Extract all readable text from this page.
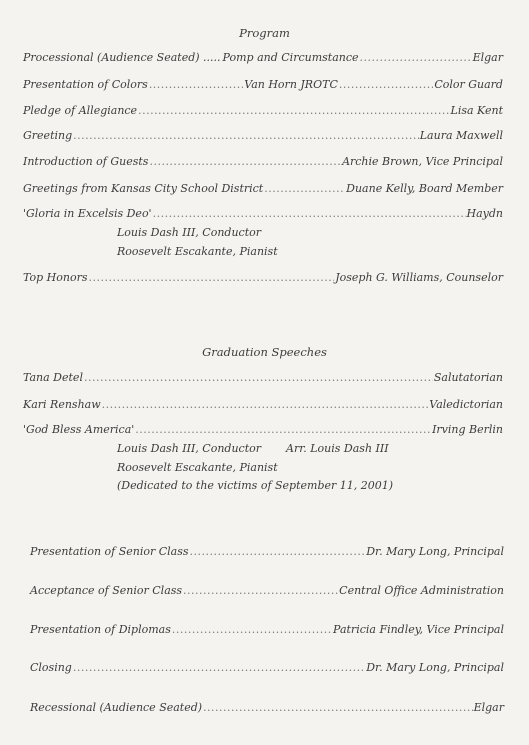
Program
Processional (Audience Seated) ..... Pomp and Circumstance .....	Elgar
Presentation of Colors .....	Van Horn JROTC .....	Color Guard
Pledge of Allegiance .....	Lisa Kent
Greeting .....	Laura Maxwell
Introduction of Guests .....	Archie Brown, Vice Principal
Greetings from Kansas City School District .....	Duane Kelly, Board Member
'Gloria in Excelsis Deo' .....	Haydn
Louis Dash III, Conductor
Roosevelt Escakante, Pianist
Top Honors .....	Joseph G. Williams, Counselor
Graduation Speeches
Tana Detel .....	Salutatorian
Kari Renshaw .....	Valedictorian
'God Bless America' .....	Irving Berlin
Louis Dash III, Conductor Arr. Louis Dash III
Roosevelt Escakante, Pianist
(Dedicated to the victims of September 11, 2001)
Presentation of Senior Class .....	Dr. Mary Long, Principal
Acceptance of Senior Class .....	Central Office Administration
Presentation of Diplomas .....	Patricia Findley, Vice Principal
Closing .....	Dr. Mary Long, Principal
Recessional (Audience Seated) .....	Elgar
